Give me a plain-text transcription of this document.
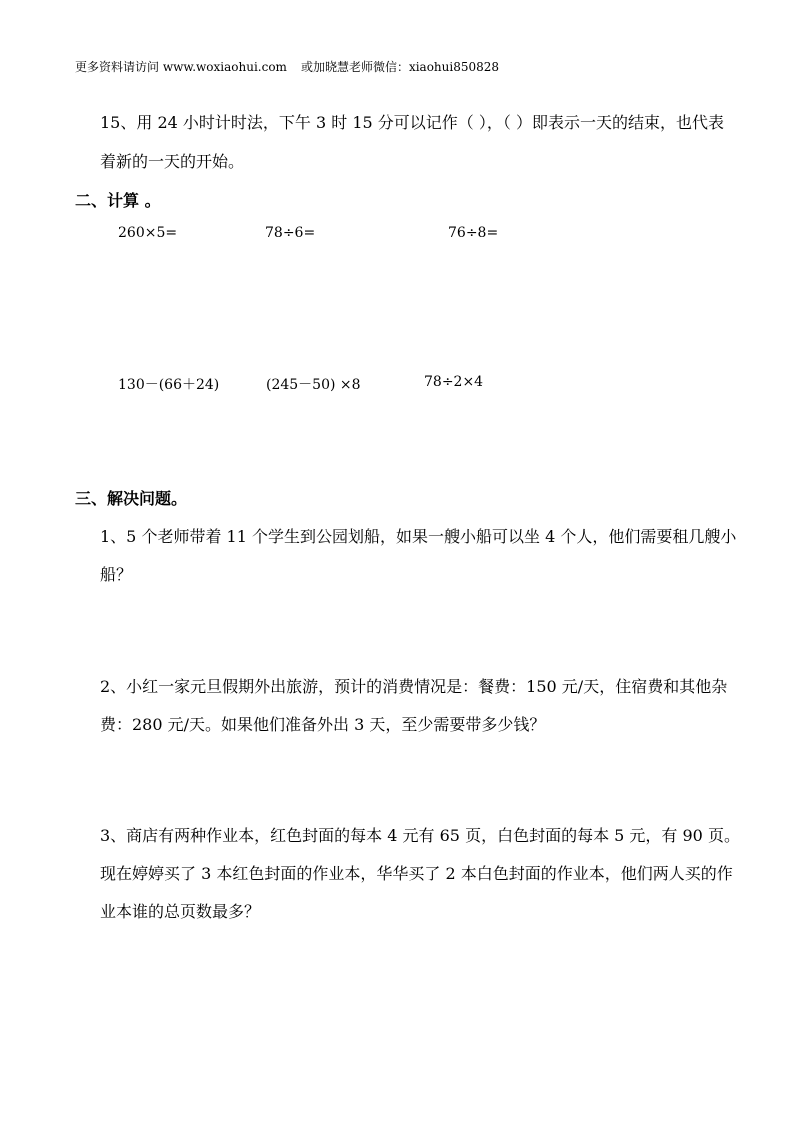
更多资料请访问 www.woxiaohui.com 或加晓慧老师微信：xiaohui850828
15、用 24 小时计时法，下午 3 时 15 分可以记作（ ），（ ）即表示一天的结束，也代表
着新的一天的开始。
二、计算 。
260×5=	78÷6=	76÷8=
130－(66＋24)	(245－50) ×8	78÷2×4
三、解决问题。
1、5 个老师带着 11 个学生到公园划船，如果一艘小船可以坐 4 个人，他们需要租几艘小
船？
2、小红一家元旦假期外出旅游，预计的消费情况是：餐费：150 元/天，住宿费和其他杂
费：280 元/天。如果他们准备外出 3 天，至少需要带多少钱？
3、商店有两种作业本，红色封面的每本 4 元有 65 页，白色封面的每本 5 元，有 90 页。
现在婷婷买了 3 本红色封面的作业本，华华买了 2 本白色封面的作业本，他们两人买的作
业本谁的总页数最多？
